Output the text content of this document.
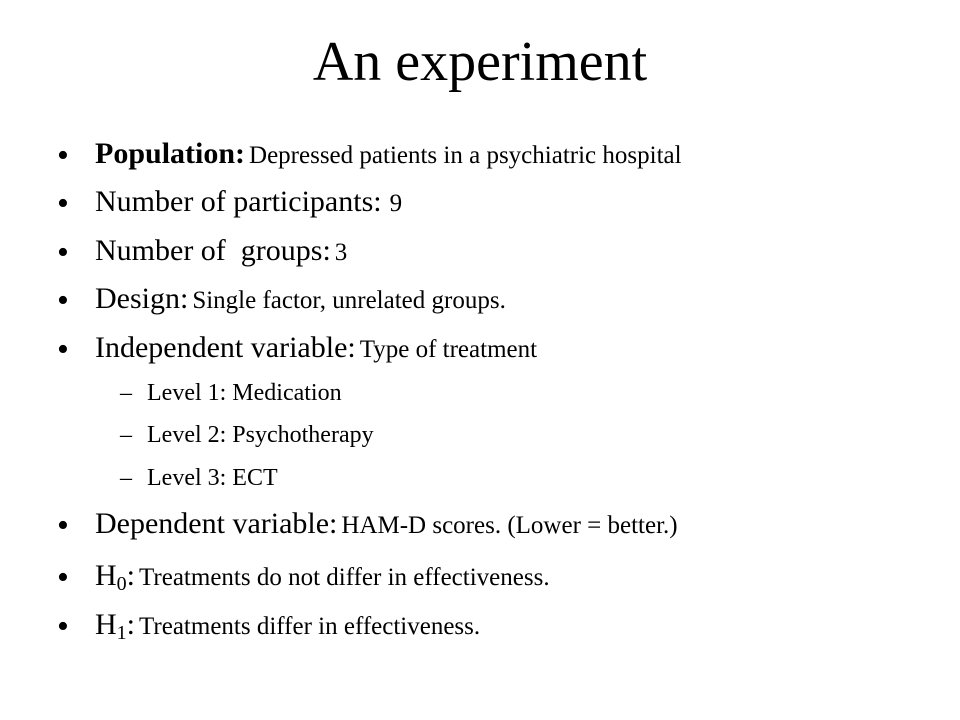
An experiment
• Population: Depressed patients in a psychiatric hospital
• Number of participants: 9
• Number of  groups: 3
• Design: Single factor, unrelated groups.
• Independent variable: Type of treatment
– Level 1: Medication
– Level 2: Psychotherapy
– Level 3: ECT
• Dependent variable: HAM-D scores. (Lower = better.)
• $H_0$: Treatments do not differ in effectiveness.
• $H_1$: Treatments differ in effectiveness.
